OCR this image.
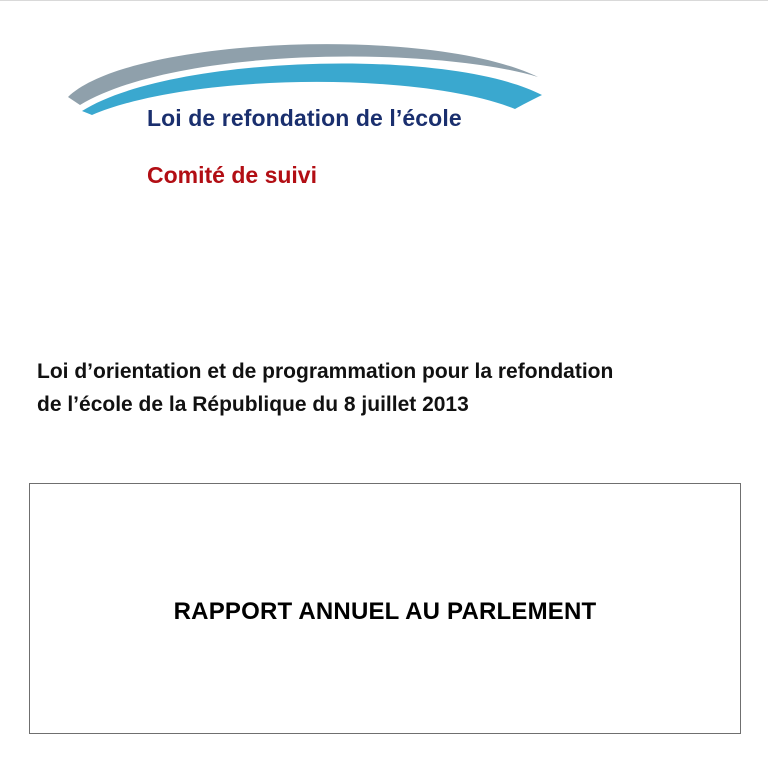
Loi de refondation de l’école
Comité de suivi
Loi d’orientation et de programmation pour la refondation
de l’école de la République du 8 juillet 2013
RAPPORT ANNUEL AU PARLEMENT
